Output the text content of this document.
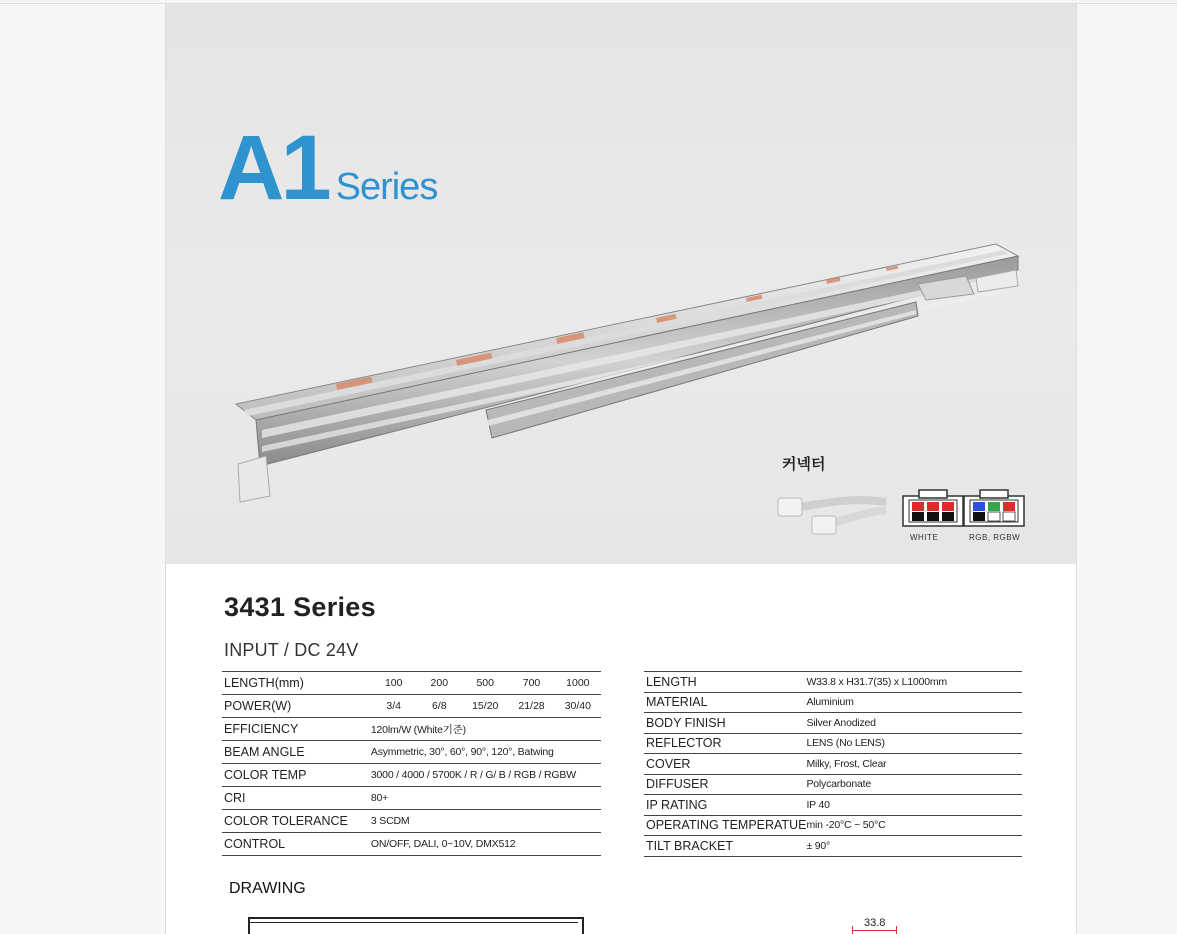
A1 Series
커넥터
WHITE	RGB, RGBW
3431 Series
INPUT / DC 24V
LENGTH(mm)	100	200	500	700	1000
POWER(W)	3/4	6/8	15/20	21/28	30/40
EFFICIENCY	120lm/W (White기준)				
BEAM ANGLE	Asymmetric, 30°, 60°, 90°, 120°, Batwing				
COLOR TEMP	3000 / 4000 / 5700K / R / G/ B / RGB / RGBW				
CRI	80+				
COLOR TOLERANCE	3 SCDM				
CONTROL	ON/OFF, DALI, 0~10V, DMX512				
LENGTH	W33.8 x H31.7(35) x L1000mm
MATERIAL	Aluminium
BODY FINISH	Silver Anodized
REFLECTOR	LENS (No LENS)
COVER	Milky, Frost, Clear
DIFFUSER	Polycarbonate
IP RATING	IP 40
OPERATING TEMPERATUE	min -20°C ~ 50°C
TILT BRACKET	± 90°
DRAWING
33.8
